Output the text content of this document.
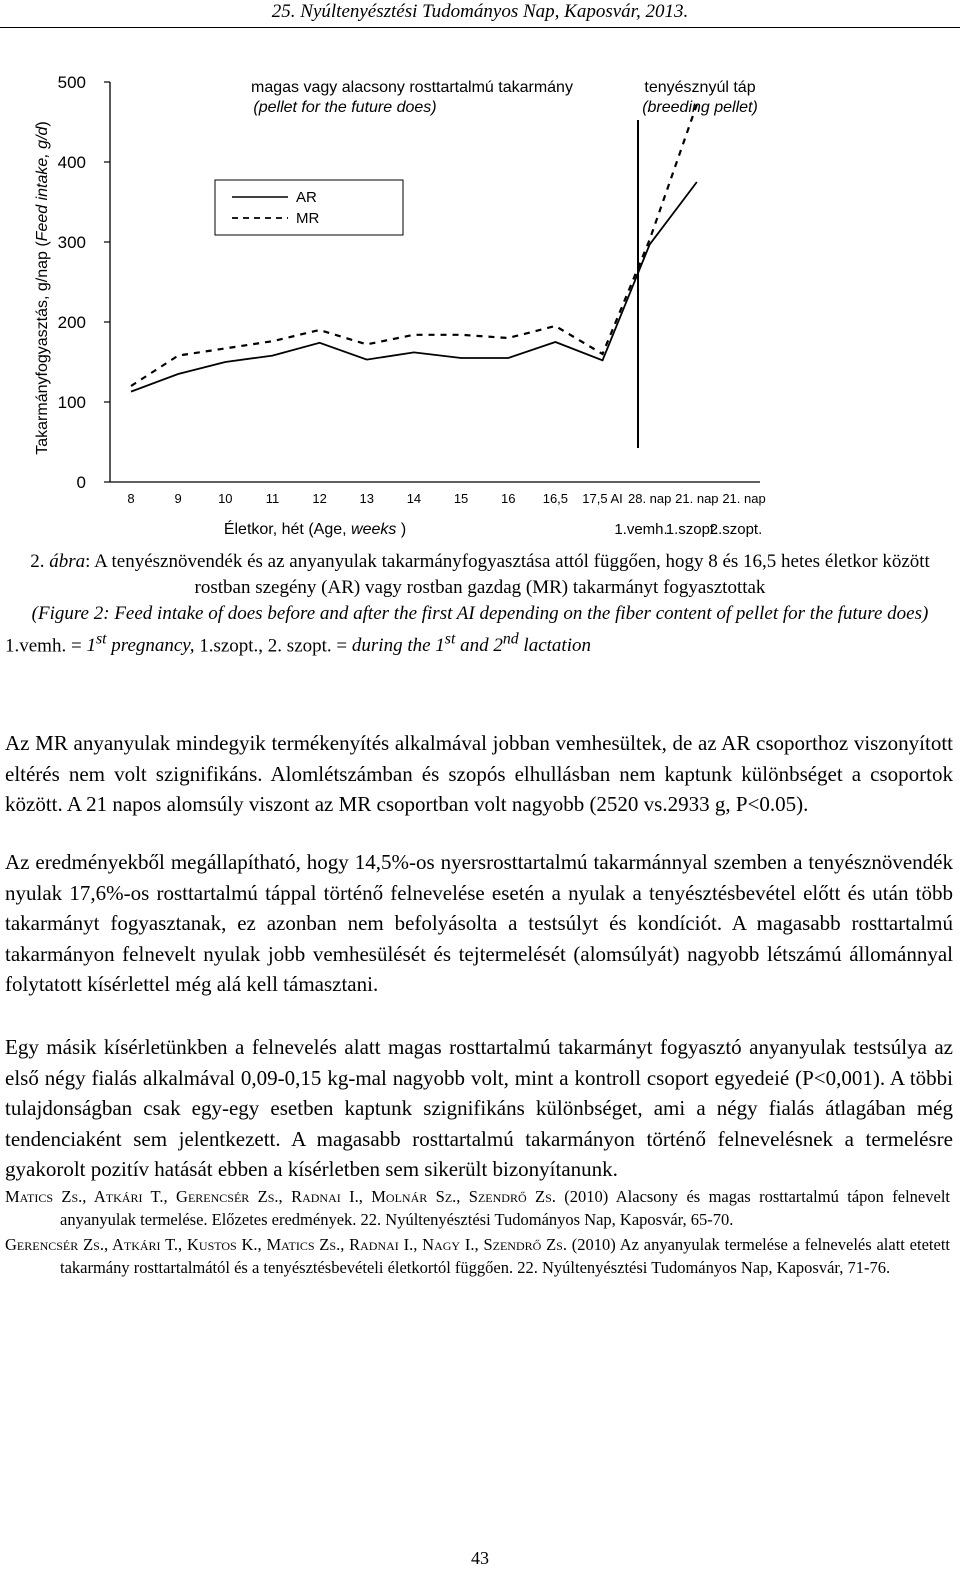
25. Nyúltenyésztési Tudományos Nap, Kaposvár, 2013.
Takarmányfogyasztás, g/nap (Feed intake, g/d)
0
100
200
300
400
500
8	9	10	11	12	13	14	15	16 16,5 17,5 AI 28. nap 21. nap 21. nap
magas vagy alacsony rosttartalmú takarmány
(pellet for the future does)
tenyésznyúl táp
(breeding pellet)
AR
MR
Életkor, hét (Age, weeks )	1.vemh.
1.szopt.
2.szopt.

2. ábra: A tenyésznövendék és az anyanyulak takarmányfogyasztása attól függően, hogy 8 és 16,5 hetes életkor között rostban szegény (AR) vagy rostban gazdag (MR) takarmányt fogyasztottak

(Figure 2: Feed intake of does before and after the first AI depending on the fiber content of pellet for the future does)

1.vemh. = 1st pregnancy, 1.szopt., 2. szopt. = during the 1st and 2nd lactation

Az MR anyanyulak mindegyik termékenyítés alkalmával jobban vemhesültek, de az AR csoporthoz viszonyított eltérés nem volt szignifikáns. Alomlétszámban és szopós elhullásban nem kaptunk különbséget a csoportok között. A 21 napos alomsúly viszont az MR csoportban volt nagyobb (2520 vs.2933 g, P<0.05).

Az eredményekből megállapítható, hogy 14,5%-os nyersrosttartalmú takarmánnyal szemben a tenyésznövendék nyulak 17,6%-os rosttartalmú táppal történő felnevelése esetén a nyulak a tenyésztésbevétel előtt és után több takarmányt fogyasztanak, ez azonban nem befolyásolta a testsúlyt és kondíciót. A magasabb rosttartalmú takarmányon felnevelt nyulak jobb vemhesülését és tejtermelését (alomsúlyát) nagyobb létszámú állománnyal folytatott kísérlettel még alá kell támasztani.

Egy másik kísérletünkben a felnevelés alatt magas rosttartalmú takarmányt fogyasztó anyanyulak testsúlya az első négy fialás alkalmával 0,09-0,15 kg-mal nagyobb volt, mint a kontroll csoport egyedeié (P<0,001). A többi tulajdonságban csak egy-egy esetben kaptunk szignifikáns különbséget, ami a négy fialás átlagában még tendenciaként sem jelentkezett. A magasabb rosttartalmú takarmányon történő felnevelésnek a termelésre gyakorolt pozitív hatását ebben a kísérletben sem sikerült bizonyítanunk.

Matics Zs., Atkári T., Gerencsér Zs., Radnai I., Molnár Sz., Szendrő Zs. (2010) Alacsony és magas rosttartalmú tápon felnevelt anyanyulak termelése. Előzetes eredmények. 22. Nyúltenyésztési Tudományos Nap, Kaposvár, 65-70.

Gerencsér Zs., Atkári T., Kustos K., Matics Zs., Radnai I., Nagy I., Szendrő Zs. (2010) Az anyanyulak termelése a felnevelés alatt etetett takarmány rosttartalmától és a tenyésztésbevételi életkortól függően. 22. Nyúltenyésztési Tudományos Nap, Kaposvár, 71-76.

43
